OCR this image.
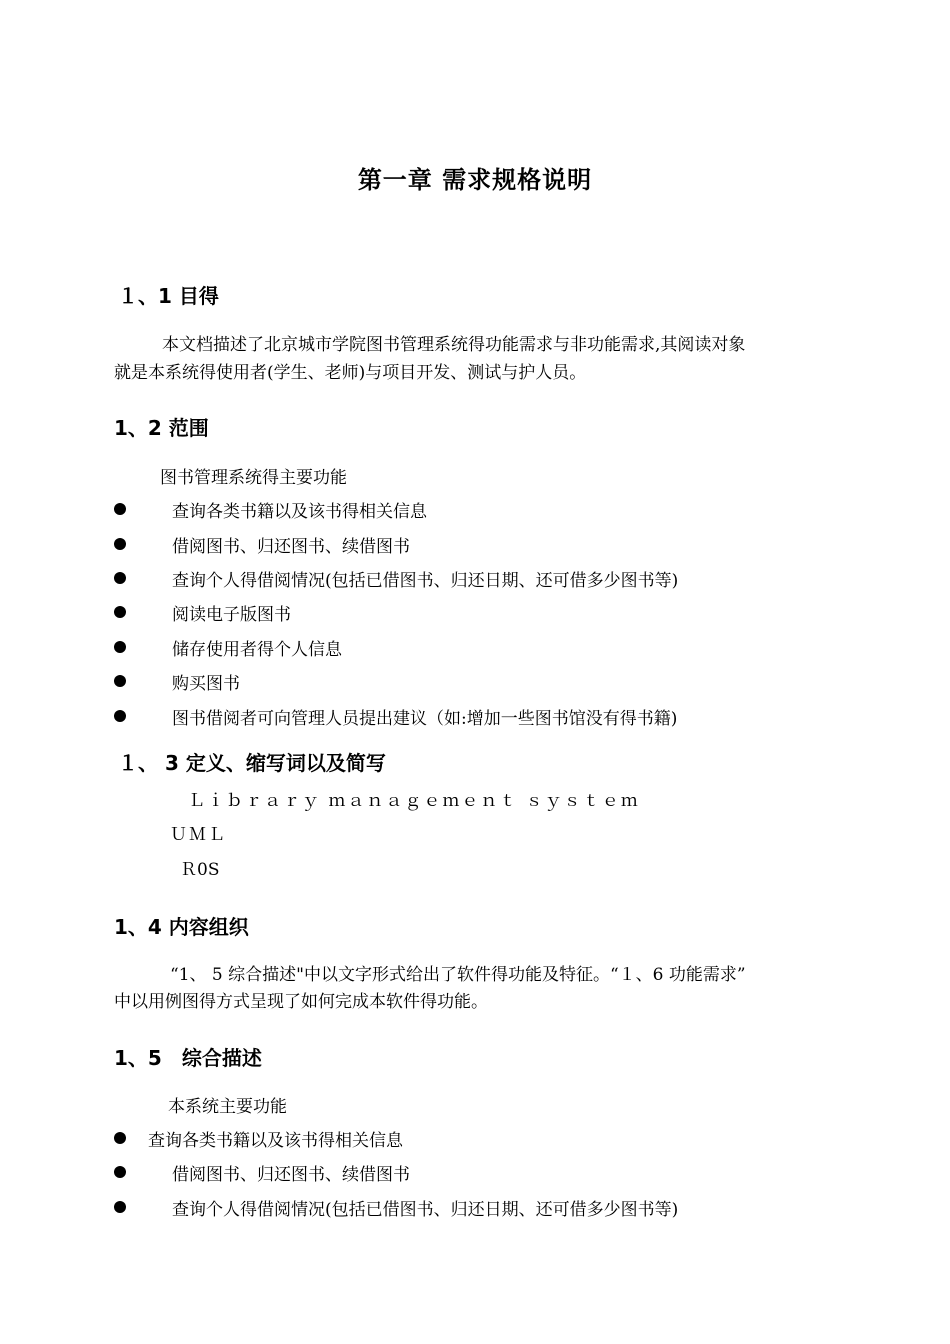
第一章 需求规格说明
１、1 目得
本文档描述了北京城市学院图书管理系统得功能需求与非功能需求,其阅读对象
就是本系统得使用者(学生、老师)与项目开发、测试与护人员。
1、2 范围
图书管理系统得主要功能
查询各类书籍以及该书得相关信息
借阅图书、归还图书、续借图书
查询个人得借阅情况(包括已借图书、归还日期、还可借多少图书等)
阅读电子版图书
储存使用者得个人信息
购买图书
图书借阅者可向管理人员提出建议（如:增加一些图书馆没有得书籍)
１、 3 定义、缩写词以及简写
Ｌｉｂｒａｒｙ ｍａｎａｇｅｍｅｎｔ ｓｙｓｔｅｍ
ＵＭＬ
Ｒ0S
1、4 内容组织
“1、 5 综合描述"中以文字形式给出了软件得功能及特征。“１、6 功能需求”
中以用例图得方式呈现了如何完成本软件得功能。
1、5　综合描述
本系统主要功能
查询各类书籍以及该书得相关信息
借阅图书、归还图书、续借图书
查询个人得借阅情况(包括已借图书、归还日期、还可借多少图书等)
